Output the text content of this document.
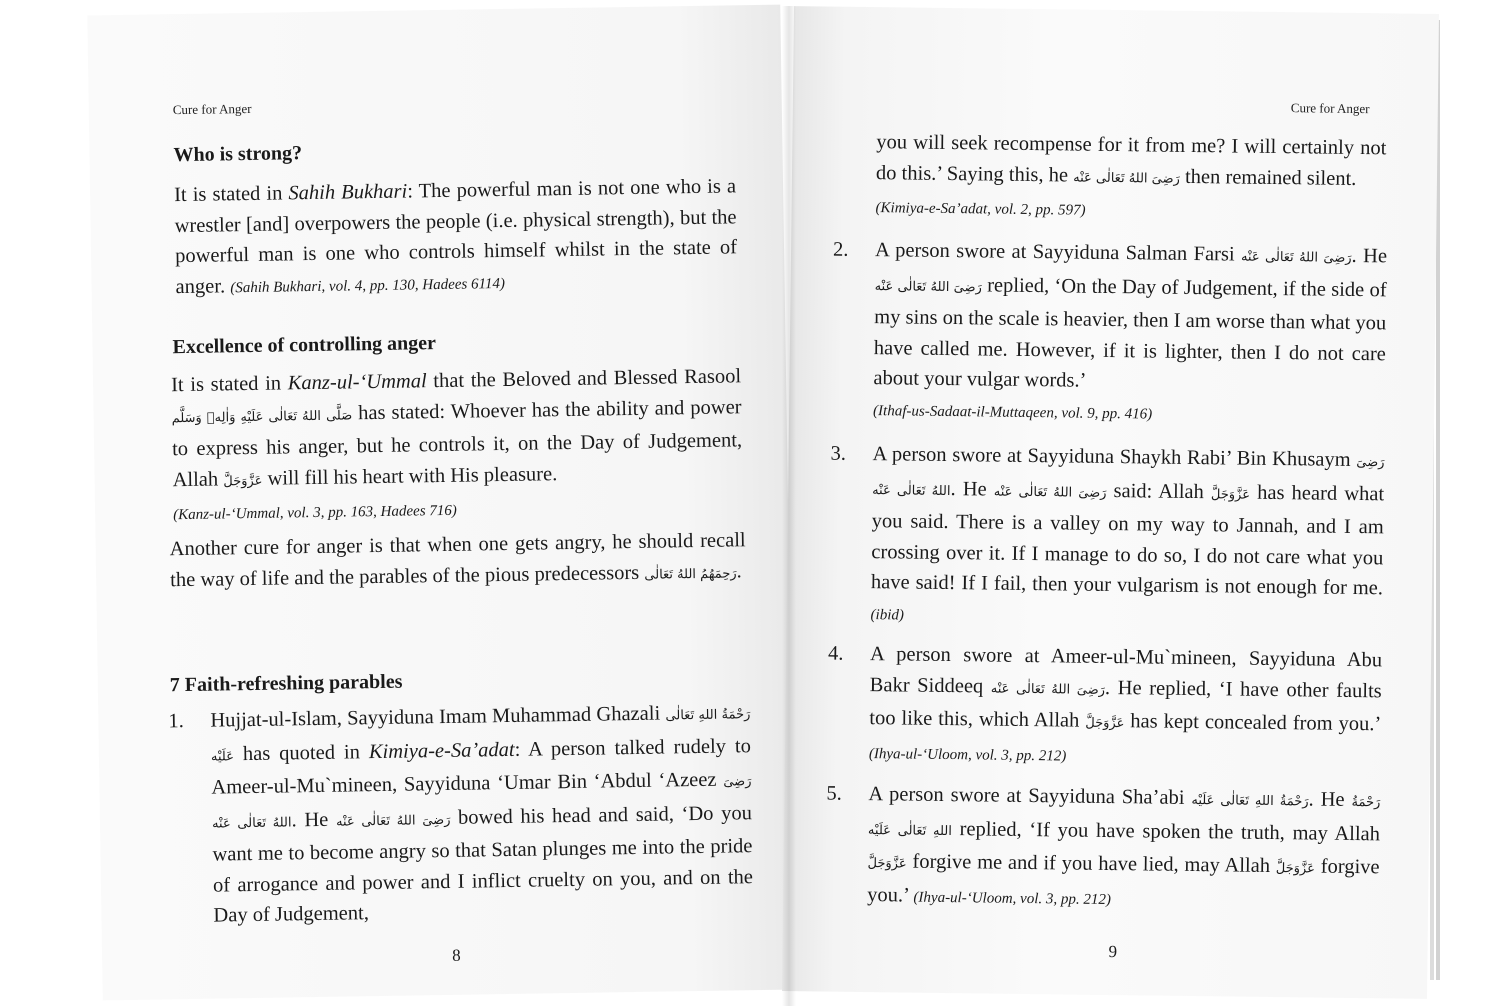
Cure for Anger
Who is strong?
It is stated in Sahih Bukhari: The powerful man is not one who is a wrestler [and] overpowers the people (i.e. physical strength), but the powerful man is one who controls himself whilst in the state of anger. (Sahih Bukhari, vol. 4, pp. 130, Hadees 6114)
Excellence of controlling anger
It is stated in Kanz-ul-‘Ummal that the Beloved and Blessed Rasool صَلَّى اللهُ تَعَالٰى عَلَيْهِ وَاٰلِهٖ وَسَلَّم has stated: Whoever has the ability and power to express his anger, but he controls it, on the Day of Judgement, Allah عَزَّوَجَلَّ will fill his heart with His pleasure.
(Kanz-ul-‘Ummal, vol. 3, pp. 163, Hadees 716)
Another cure for anger is that when one gets angry, he should recall the way of life and the parables of the pious predecessors رَحِمَهُمُ اللهُ تَعَالٰى.
7 Faith-refreshing parables
1. Hujjat-ul-Islam, Sayyiduna Imam Muhammad Ghazali رَحْمَةُ اللهِ تَعَالٰى عَلَيْه has quoted in Kimiya-e-Sa’adat: A person talked rudely to Ameer-ul-Mu`mineen, Sayyiduna ‘Umar Bin ‘Abdul ‘Azeez رَضِىَ اللهُ تَعَالٰى عَنْه. He رَضِىَ اللهُ تَعَالٰى عَنْه bowed his head and said, ‘Do you want me to become angry so that Satan plunges me into the pride of arrogance and power and I inflict cruelty on you, and on the Day of Judgement,
8
Cure for Anger
you will seek recompense for it from me? I will certainly not do this.’ Saying this, he رَضِىَ اللهُ تَعَالٰى عَنْه then remained silent.
(Kimiya-e-Sa’adat, vol. 2, pp. 597)
2. A person swore at Sayyiduna Salman Farsi رَضِىَ اللهُ تَعَالٰى عَنْه. He رَضِىَ اللهُ تَعَالٰى عَنْه replied, ‘On the Day of Judgement, if the side of my sins on the scale is heavier, then I am worse than what you have called me. However, if it is lighter, then I do not care about your vulgar words.’
(Ithaf-us-Sadaat-il-Muttaqeen, vol. 9, pp. 416)
3. A person swore at Sayyiduna Shaykh Rabi’ Bin Khusaym رَضِىَ اللهُ تَعَالٰى عَنْه. He رَضِىَ اللهُ تَعَالٰى عَنْه said: Allah عَزَّوَجَلَّ has heard what you said. There is a valley on my way to Jannah, and I am crossing over it. If I manage to do so, I do not care what you have said! If I fail, then your vulgarism is not enough for me. (ibid)
4. A person swore at Ameer-ul-Mu`mineen, Sayyiduna Abu Bakr Siddeeq رَضِىَ اللهُ تَعَالٰى عَنْه. He replied, ‘I have other faults too like this, which Allah عَزَّوَجَلَّ has kept concealed from you.’ (Ihya-ul-‘Uloom, vol. 3, pp. 212)
5. A person swore at Sayyiduna Sha’abi رَحْمَةُ اللهِ تَعَالٰى عَلَيْه. He رَحْمَةُ اللهِ تَعَالٰى عَلَيْه replied, ‘If you have spoken the truth, may Allah عَزَّوَجَلَّ forgive me and if you have lied, may Allah عَزَّوَجَلَّ forgive you.’ (Ihya-ul-‘Uloom, vol. 3, pp. 212)
9
